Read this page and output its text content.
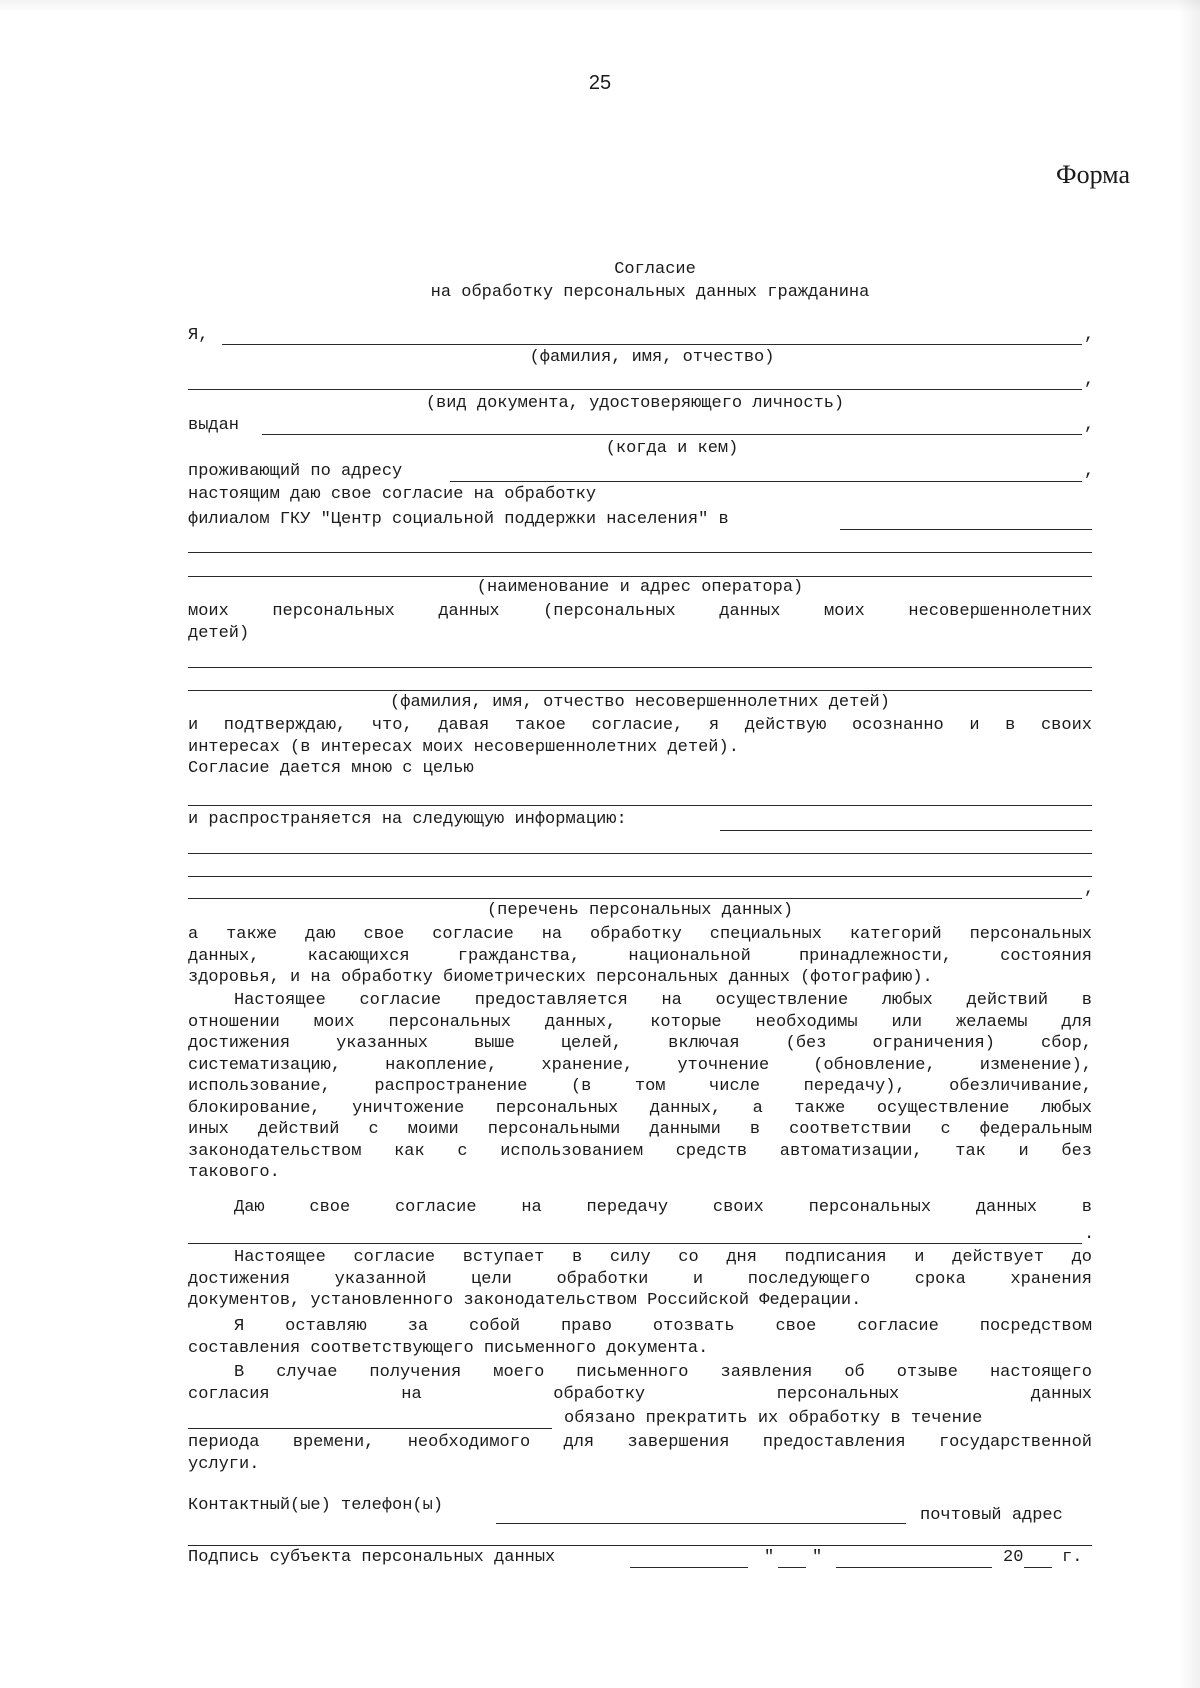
25
Форма
Согласие
на обработку персональных данных гражданина
Я,	,
(фамилия, имя, отчество)
,
(вид документа, удостоверяющего личность)
выдан	,
(когда и кем)
проживающий по адресу	,
настоящим даю свое согласие на обработку
филиалом ГКУ "Центр социальной поддержки населения" в
(наименование и адрес оператора)
моих персональных данных (персональных данных моих несовершеннолетних
детей)
(фамилия, имя, отчество несовершеннолетних детей)
и подтверждаю, что, давая такое согласие, я действую осознанно и в своих
интересах (в интересах моих несовершеннолетних детей).
Согласие дается мною с целью
и распространяется на следующую информацию:
,
(перечень персональных данных)
а также даю свое согласие на обработку специальных категорий персональных
данных, касающихся гражданства, национальной принадлежности, состояния
здоровья, и на обработку биометрических персональных данных (фотографию).
Настоящее согласие предоставляется на осуществление любых действий в
отношении моих персональных данных, которые необходимы или желаемы для
достижения указанных выше целей, включая (без ограничения) сбор,
систематизацию, накопление, хранение, уточнение (обновление, изменение),
использование, распространение (в том числе передачу), обезличивание,
блокирование, уничтожение персональных данных, а также осуществление любых
иных действий с моими персональными данными в соответствии с федеральным
законодательством как с использованием средств автоматизации, так и без
такового.
Даю свое согласие на передачу своих персональных данных в
.
Настоящее согласие вступает в силу со дня подписания и действует до
достижения указанной цели обработки и последующего срока хранения
документов, установленного законодательством Российской Федерации.
Я оставляю за собой право отозвать свое согласие посредством
составления соответствующего письменного документа.
В случае получения моего письменного заявления об отзыве настоящего
согласия на обработку персональных данных
обязано прекратить их обработку в течение
периода времени, необходимого для завершения предоставления государственной
услуги.
Контактный(ые) телефон(ы)
почтовый адрес
Подпись субъекта персональных данных	" "	20 г.
